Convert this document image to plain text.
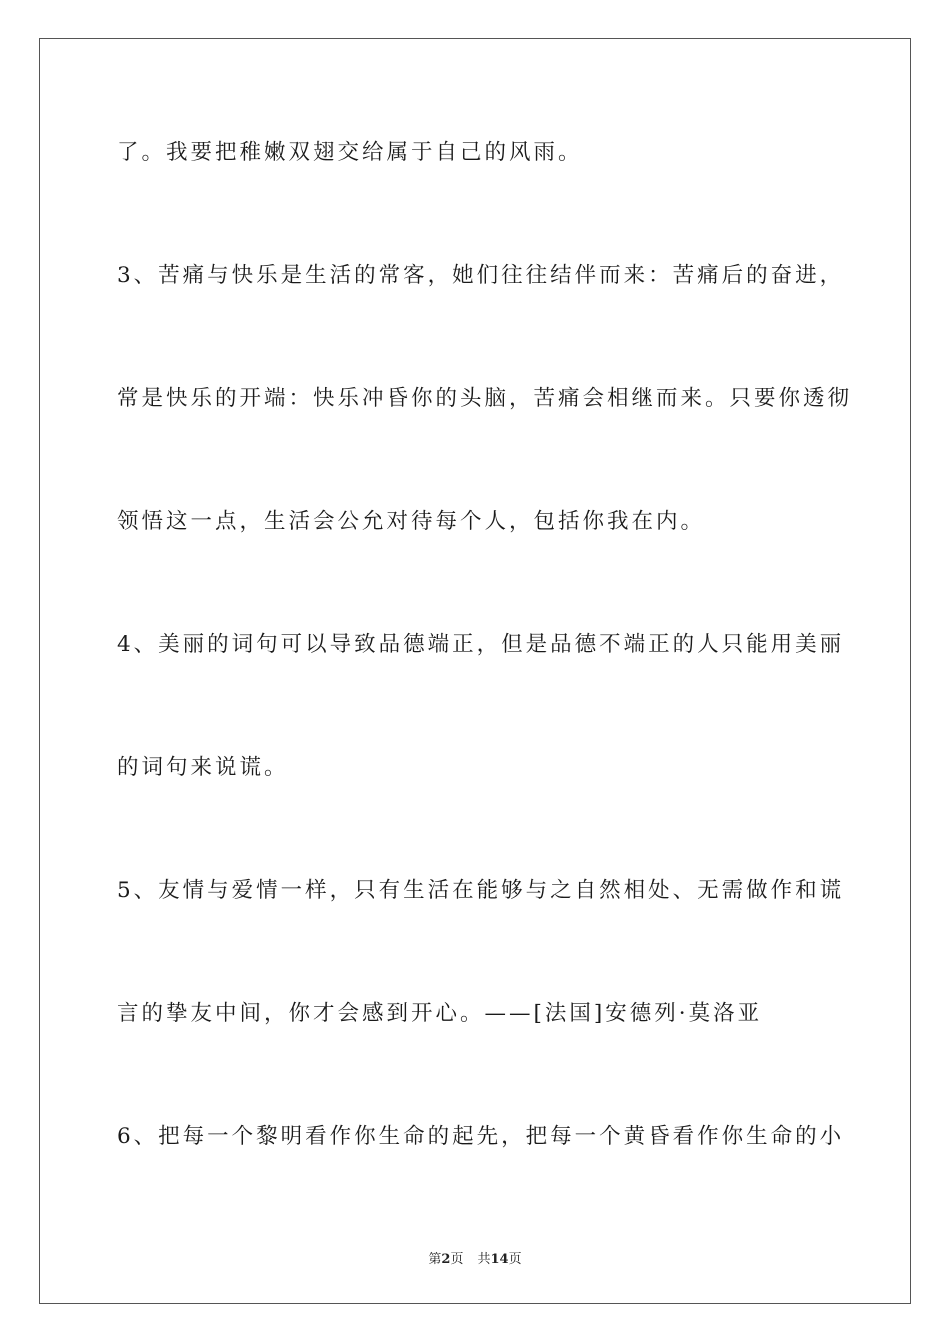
了。我要把稚嫩双翅交给属于自己的风雨。
3、苦痛与快乐是生活的常客，她们往往结伴而来：苦痛后的奋进，
常是快乐的开端：快乐冲昏你的头脑，苦痛会相继而来。只要你透彻
领悟这一点，生活会公允对待每个人，包括你我在内。
4、美丽的词句可以导致品德端正，但是品德不端正的人只能用美丽
的词句来说谎。
5、友情与爱情一样，只有生活在能够与之自然相处、无需做作和谎
言的挚友中间，你才会感到开心。——[法国]安德列·莫洛亚
6、把每一个黎明看作你生命的起先，把每一个黄昏看作你生命的小
第2页 共14页
